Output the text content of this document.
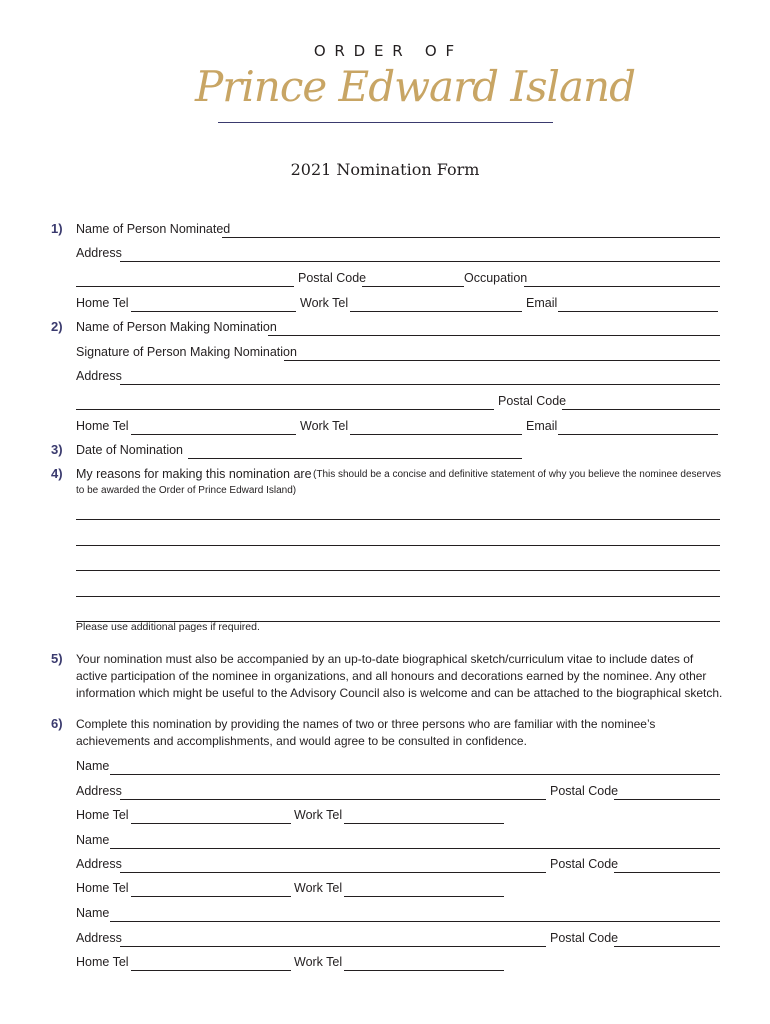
O R D E R   O F
Prince Edward Island
2021 Nomination Form
1) Name of Person Nominated
Address
Postal Code	Occupation
Home Tel	Work Tel	Email
2) Name of Person Making Nomination
Signature of Person Making Nomination
Address
Postal Code
Home Tel	Work Tel	Email
3) Date of Nomination
4) My reasons for making this nomination are (This should be a concise and definitive statement of why you believe the nominee deserves
to be awarded the Order of Prince Edward Island)
Please use additional pages if required.
5) Your nomination must also be accompanied by an up-to-date biographical sketch/curriculum vitae to include dates of
active participation of the nominee in organizations, and all honours and decorations earned by the nominee. Any other
information which might be useful to the Advisory Council also is welcome and can be attached to the biographical sketch.
6) Complete this nomination by providing the names of two or three persons who are familiar with the nominee’s
achievements and accomplishments, and would agree to be consulted in confidence.
Name
Address	Postal Code
Home Tel	Work Tel
Name
Address	Postal Code
Home Tel	Work Tel
Name
Address	Postal Code
Home Tel	Work Tel
